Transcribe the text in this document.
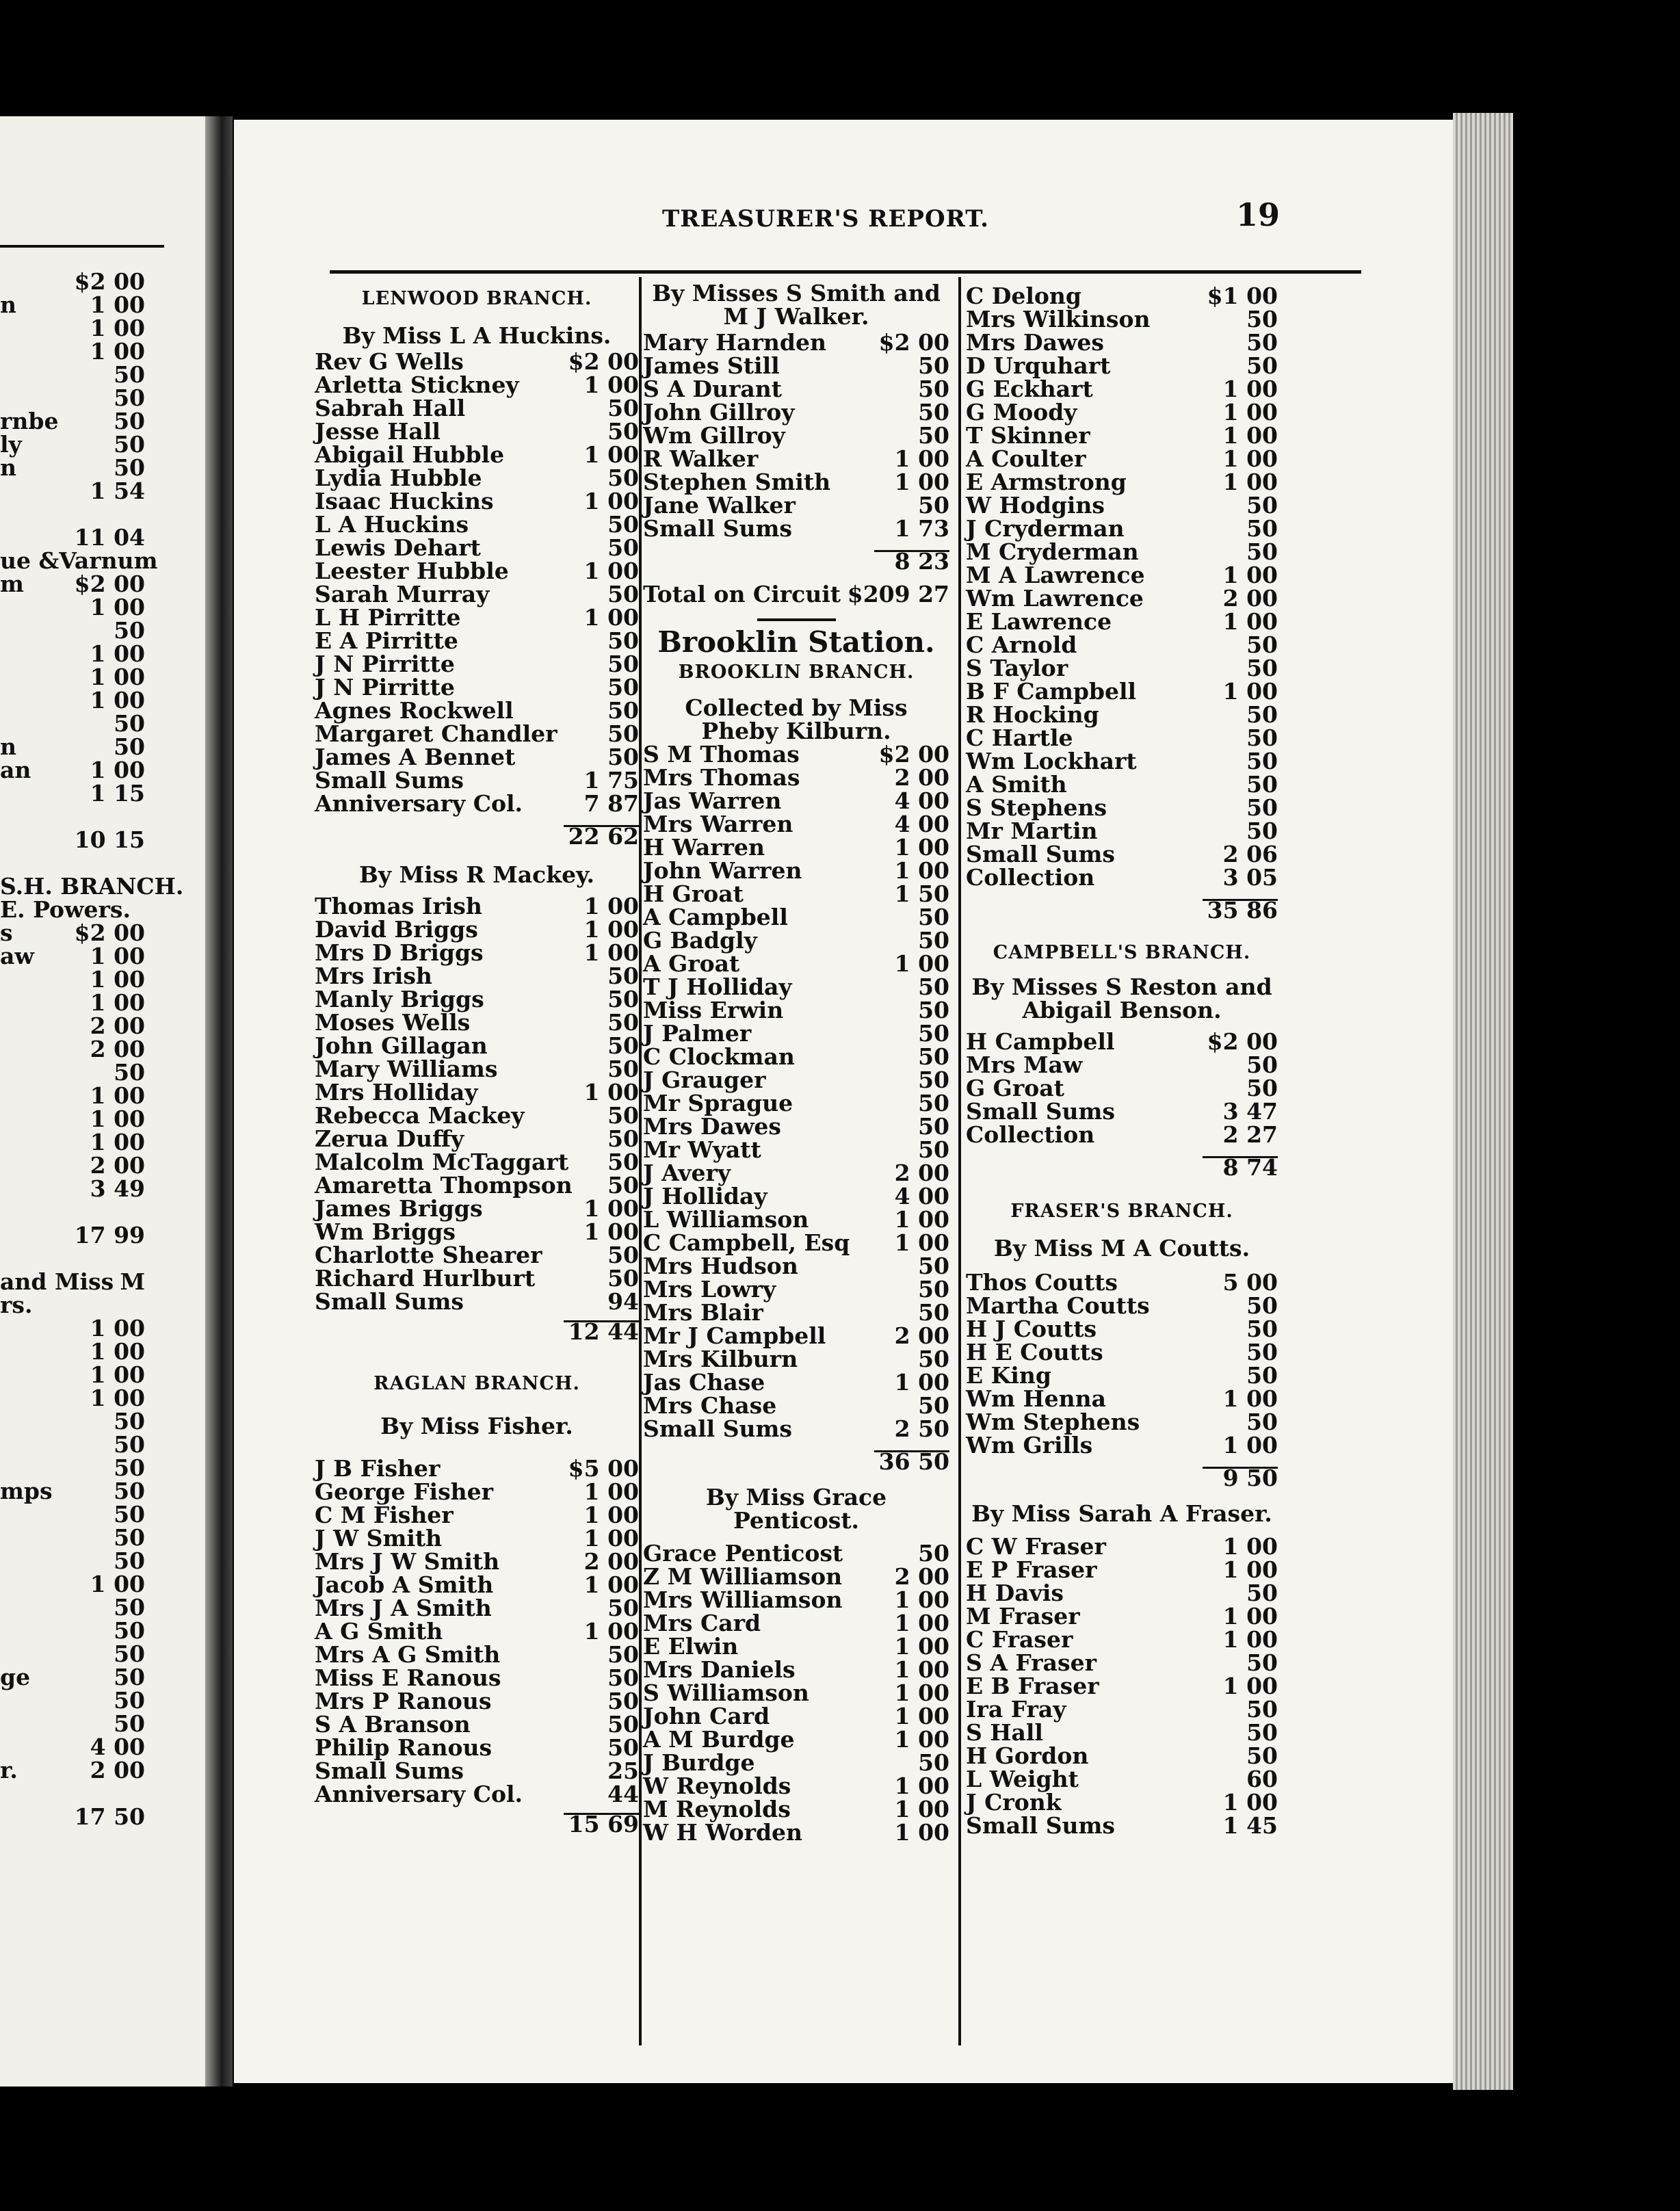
$2 00
n	1 00
1 00
1 00
50
50
rnbe 50
ly	50
n	50
1 54
11 04
ue &Varnum
m $2 00
1 00
50
1 00
1 00
1 00
50
n	50
an	1 00
1 15
10 15
S.H. BRANCH.
E. Powers.
s	$2 00
aw 1 00
1 00
1 00
2 00
2 00
50
1 00
1 00
1 00
2 00
3 49
17 99
and Miss M
rs.
1 00
1 00
1 00
1 00
50
50
50
mps	50
50
50
50
1 00
50
50
50
ge	50
50
50
4 00
r.	2 00
17 50
TREASURER'S REPORT.	19
LENWOOD BRANCH.
By Miss L A Huckins.
Rev G Wells	$2 00
Arletta Stickney	1 00
Sabrah Hall	50
Jesse Hall	50
Abigail Hubble	1 00
Lydia Hubble	50
Isaac Huckins	1 00
L A Huckins	50
Lewis Dehart	50
Leester Hubble	1 00
Sarah Murray	50
L H Pirritte	1 00
E A Pirritte	50
J N Pirritte	50
J N Pirritte	50
Agnes Rockwell	50
Margaret Chandler 50
James A Bennet	50
Small Sums	1 75
Anniversary Col.	7 87
22 62
By Miss R Mackey.
Thomas Irish	1 00
David Briggs	1 00
Mrs D Briggs	1 00
Mrs Irish	50
Manly Briggs	50
Moses Wells	50
John Gillagan	50
Mary Williams	50
Mrs Holliday	1 00
Rebecca Mackey	50
Zerua Duffy	50
Malcolm McTaggart 50
Amaretta Thompson 50
James Briggs	1 00
Wm Briggs	1 00
Charlotte Shearer	50
Richard Hurlburt	50
Small Sums	94
12 44
RAGLAN BRANCH.
By Miss Fisher.
J B Fisher	$5 00
George Fisher	1 00
C M Fisher	1 00
J W Smith	1 00
Mrs J W Smith	2 00
Jacob A Smith	1 00
Mrs J A Smith	50
A G Smith	1 00
Mrs A G Smith	50
Miss E Ranous	50
Mrs P Ranous	50
S A Branson	50
Philip Ranous	50
Small Sums	25
Anniversary Col.	44
15 69
By Misses S Smith and M J Walker.
Mary Harnden $2 00
James Still	50
S A Durant	50
John Gillroy	50
Wm Gillroy	50
R Walker	1 00
Stephen Smith	1 00
Jane Walker	50
Small Sums	1 73
8 23
Total on Circuit $209 27
Brooklin Station.
BROOKLIN BRANCH.
Collected by Miss Pheby Kilburn.
S M Thomas	$2 00
Mrs Thomas	2 00
Jas Warren	4 00
Mrs Warren	4 00
H Warren	1 00
John Warren	1 00
H Groat	1 50
A Campbell	50
G Badgly	50
A Groat	1 00
T J Holliday	50
Miss Erwin	50
J Palmer	50
C Clockman	50
J Grauger	50
Mr Sprague	50
Mrs Dawes	50
Mr Wyatt	50
J Avery	2 00
J Holliday	4 00
L Williamson	1 00
C Campbell, Esq 1 00
Mrs Hudson	50
Mrs Lowry	50
Mrs Blair	50
Mr J Campbell	2 00
Mrs Kilburn	50
Jas Chase	1 00
Mrs Chase	50
Small Sums	2 50
36 50
By Miss Grace Penticost.
Grace Penticost	50
Z M Williamson 2 00
Mrs Williamson 1 00
Mrs Card	1 00
E Elwin	1 00
Mrs Daniels	1 00
S Williamson	1 00
John Card	1 00
A M Burdge	1 00
J Burdge	50
W Reynolds	1 00
M Reynolds	1 00
W H Worden	1 00
C Delong	$1 00
Mrs Wilkinson	50
Mrs Dawes	50
D Urquhart	50
G Eckhart	1 00
G Moody	1 00
T Skinner	1 00
A Coulter	1 00
E Armstrong	1 00
W Hodgins	50
J Cryderman	50
M Cryderman	50
M A Lawrence	1 00
Wm Lawrence	2 00
E Lawrence	1 00
C Arnold	50
S Taylor	50
B F Campbell	1 00
R Hocking	50
C Hartle	50
Wm Lockhart	50
A Smith	50
S Stephens	50
Mr Martin	50
Small Sums	2 06
Collection	3 05
35 86
CAMPBELL'S BRANCH.
By Misses S Reston and Abigail Benson.
H Campbell	$2 00
Mrs Maw	50
G Groat	50
Small Sums	3 47
Collection	2 27
8 74
FRASER'S BRANCH.
By Miss M A Coutts.
Thos Coutts	5 00
Martha Coutts	50
H J Coutts	50
H E Coutts	50
E King	50
Wm Henna	1 00
Wm Stephens	50
Wm Grills	1 00
9 50
By Miss Sarah A Fraser.
C W Fraser	1 00
E P Fraser	1 00
H Davis	50
M Fraser	1 00
C Fraser	1 00
S A Fraser	50
E B Fraser	1 00
Ira Fray	50
S Hall	50
H Gordon	50
L Weight	60
J Cronk	1 00
Small Sums	1 45
